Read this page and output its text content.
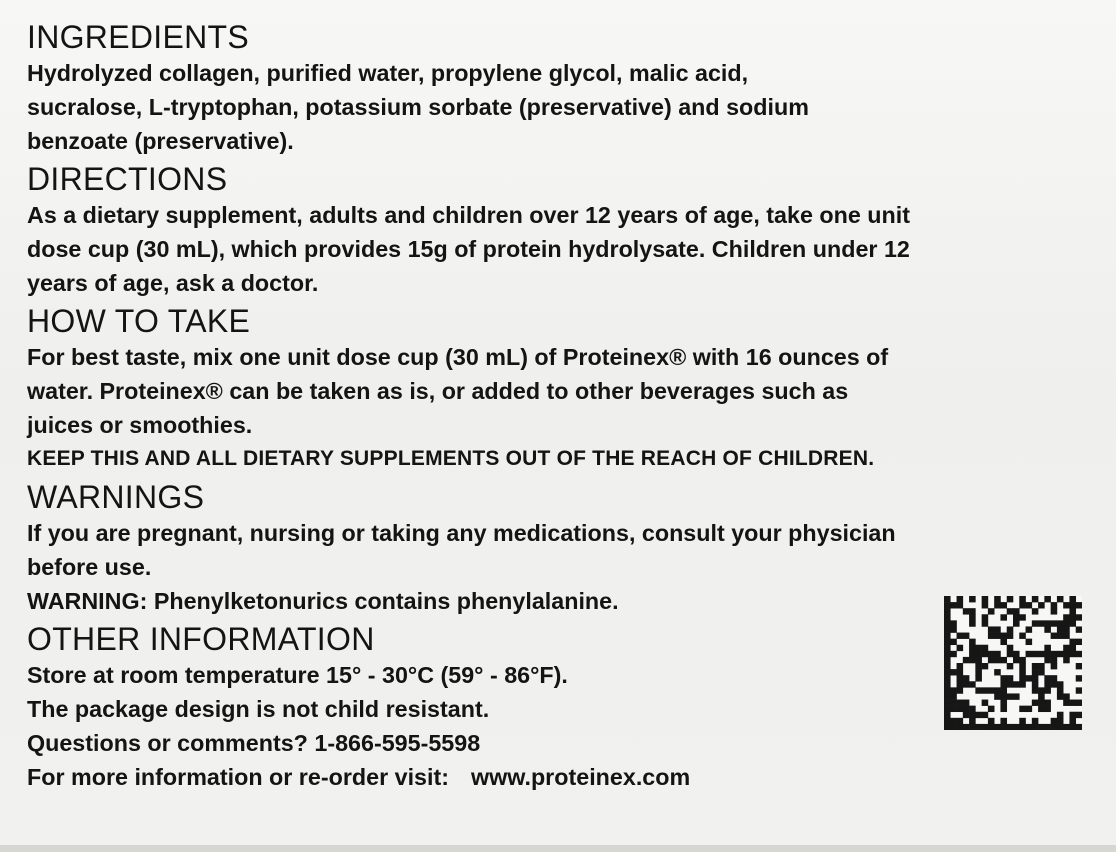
INGREDIENTS

Hydrolyzed collagen, purified water, propylene glycol, malic acid,

sucralose, L-tryptophan, potassium sorbate (preservative) and sodium

benzoate (preservative).

DIRECTIONS

As a dietary supplement, adults and children over 12 years of age, take one unit

dose cup (30 mL), which provides 15g of protein hydrolysate. Children under 12

years of age, ask a doctor.

HOW TO TAKE

For best taste, mix one unit dose cup (30 mL) of Proteinex® with 16 ounces of

water. Proteinex® can be taken as is, or added to other beverages such as

juices or smoothies.

KEEP THIS AND ALL DIETARY SUPPLEMENTS OUT OF THE REACH OF CHILDREN.

WARNINGS

If you are pregnant, nursing or taking any medications, consult your physician

before use.

WARNING: Phenylketonurics contains phenylalanine.

OTHER INFORMATION

Store at room temperature 15° - 30°C (59° - 86°F).

The package design is not child resistant.

Questions or comments? 1-866-595-5598

For more information or re-order visit: www.proteinex.com
